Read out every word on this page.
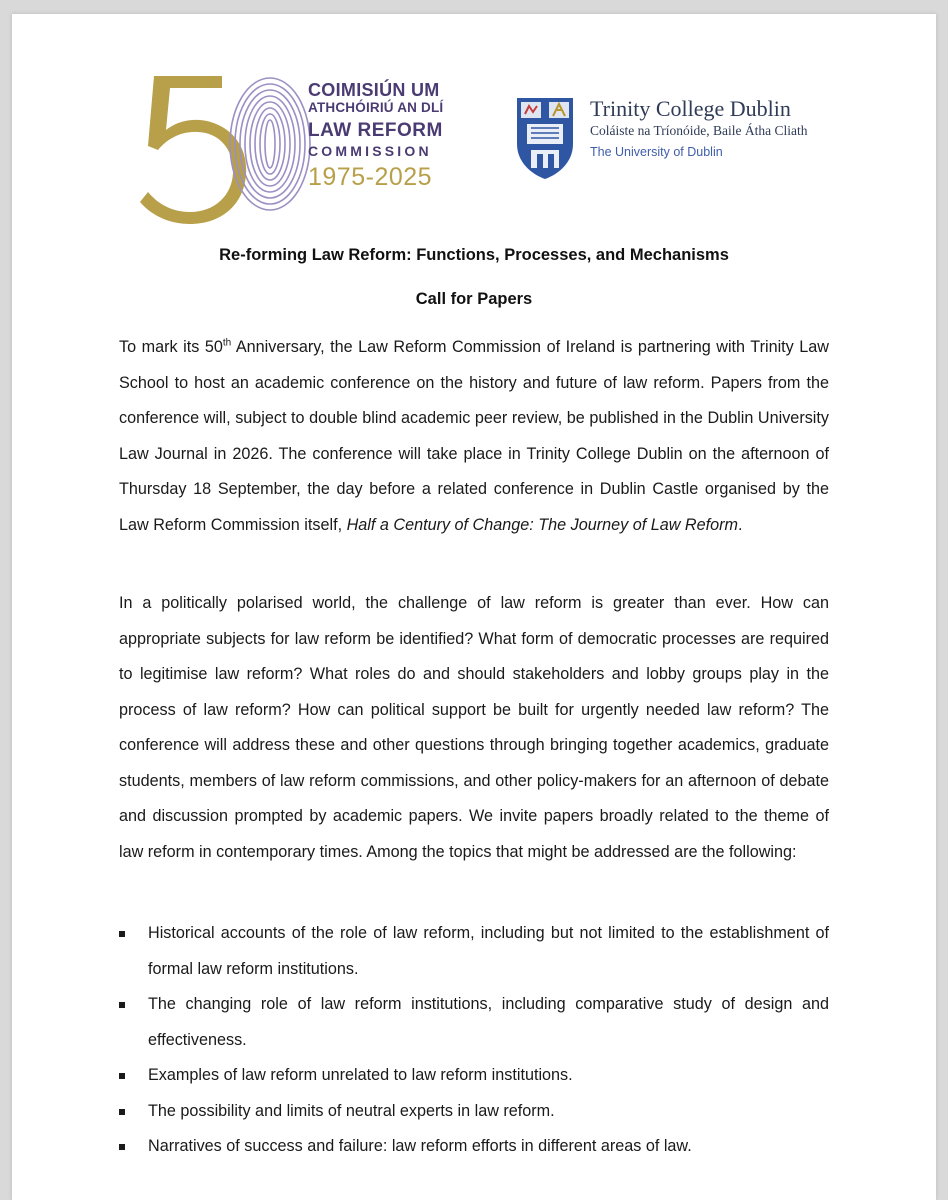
COIMISIÚN UM
ATHCHÓIRIÚ AN DLÍ
LAW REFORM
COMMISSION
1975-2025
Trinity College Dublin
Coláiste na Tríonóide, Baile Átha Cliath
The University of Dublin
Re-forming Law Reform: Functions, Processes, and Mechanisms
Call for Papers
To mark its 50th Anniversary, the Law Reform Commission of Ireland is partnering with Trinity Law School to host an academic conference on the history and future of law reform. Papers from the conference will, subject to double blind academic peer review, be published in the Dublin University Law Journal in 2026. The conference will take place in Trinity College Dublin on the afternoon of Thursday 18 September, the day before a related conference in Dublin Castle organised by the Law Reform Commission itself, Half a Century of Change: The Journey of Law Reform.
In a politically polarised world, the challenge of law reform is greater than ever. How can appropriate subjects for law reform be identified? What form of democratic processes are required to legitimise law reform? What roles do and should stakeholders and lobby groups play in the process of law reform? How can political support be built for urgently needed law reform? The conference will address these and other questions through bringing together academics, graduate students, members of law reform commissions, and other policy-makers for an afternoon of debate and discussion prompted by academic papers. We invite papers broadly related to the theme of law reform in contemporary times. Among the topics that might be addressed are the following:
Historical accounts of the role of law reform, including but not limited to the establishment of formal law reform institutions.
The changing role of law reform institutions, including comparative study of design and effectiveness.
Examples of law reform unrelated to law reform institutions.
The possibility and limits of neutral experts in law reform.
Narratives of success and failure: law reform efforts in different areas of law.
